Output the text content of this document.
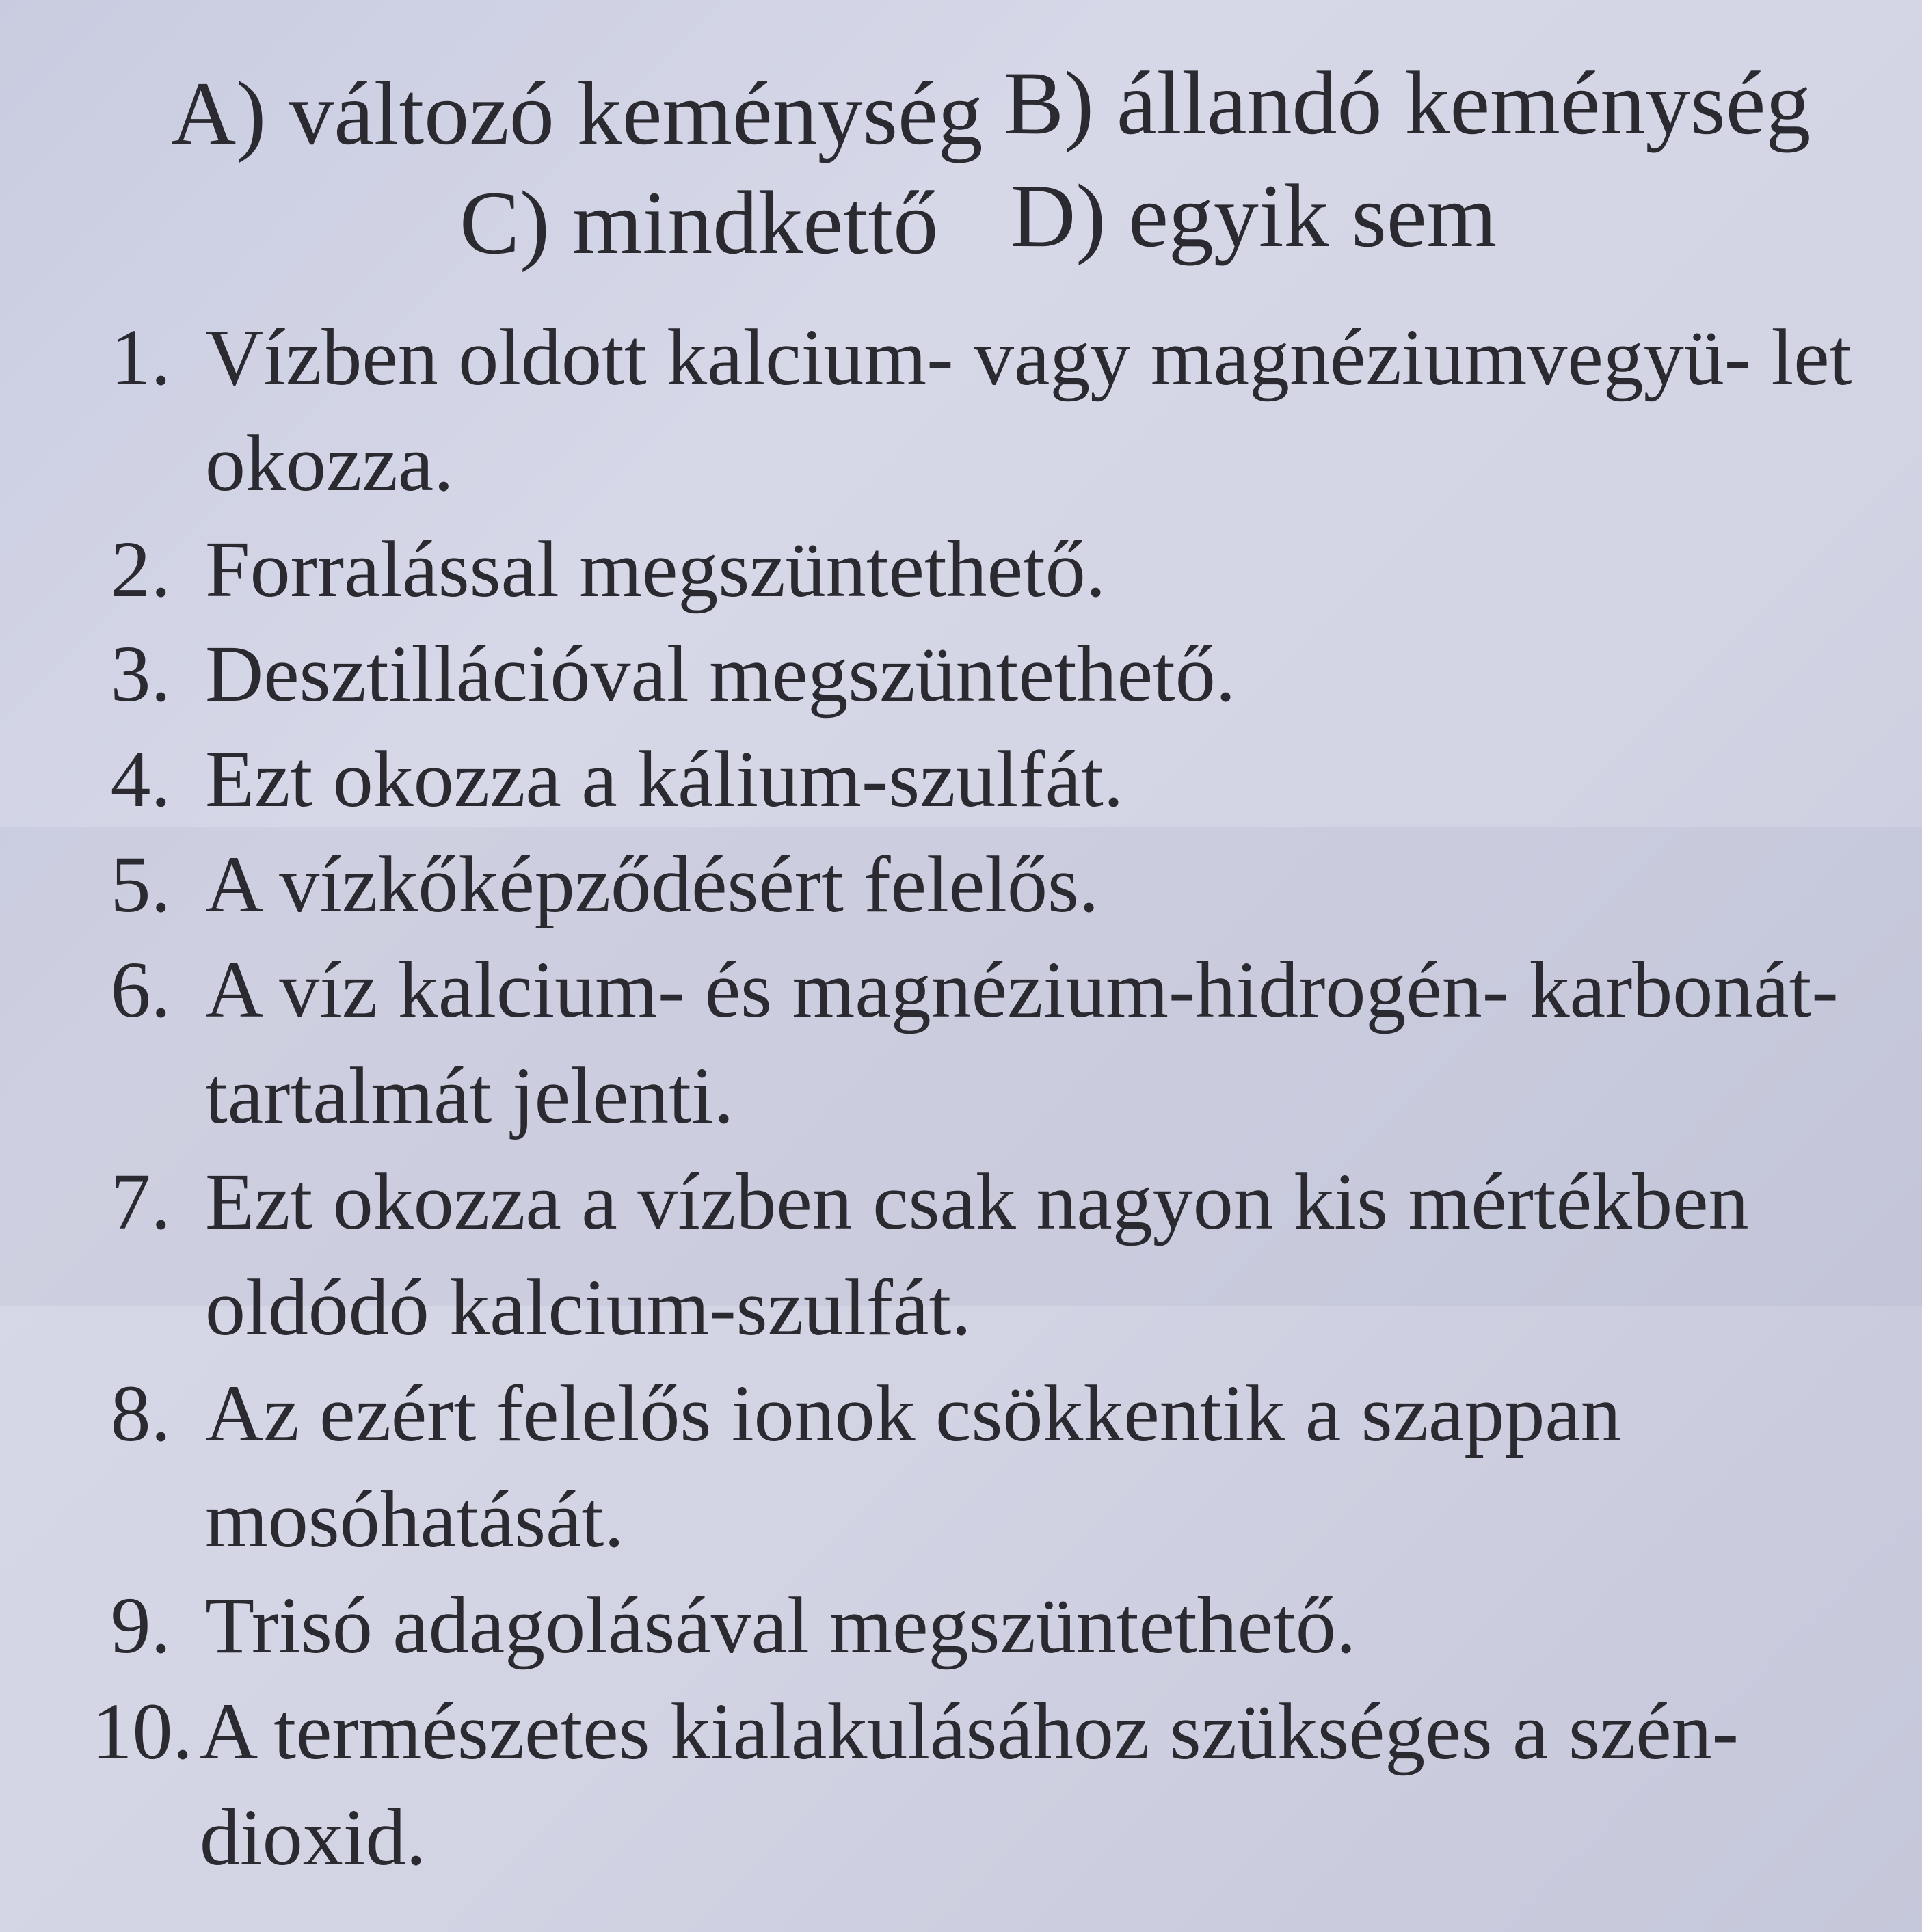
A) változó keménység B) állandó keménység
C) mindkettő D) egyik sem
1. Vízben oldott kalcium- vagy magnéziumvegyü- let okozza.
2. Forralással megszüntethető.
3. Desztillációval megszüntethető.
4. Ezt okozza a kálium-szulfát.
5. A vízkőképződésért felelős.
6. A víz kalcium- és magnézium-hidrogén- karbonát-tartalmát jelenti.
7. Ezt okozza a vízben csak nagyon kis mértékben oldódó kalcium-szulfát.
8. Az ezért felelős ionok csökkentik a szappan mosóhatását.
9. Trisó adagolásával megszüntethető.
10. A természetes kialakulásához szükséges a szén- dioxid.
